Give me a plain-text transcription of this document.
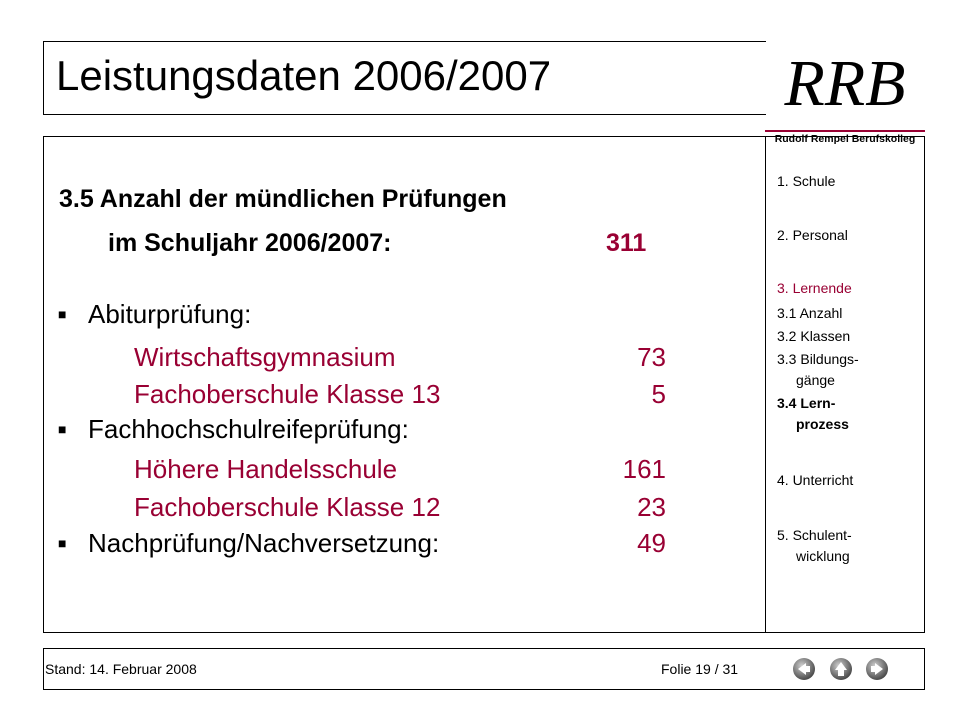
Leistungsdaten 2006/2007	RRB
Rudolf Rempel Berufskolleg
3.5 Anzahl der mündlichen Prüfungen
im Schuljahr 2006/2007:	311
■ Abiturprüfung:
Wirtschaftsgymnasium	73
Fachoberschule Klasse 13	5
■ Fachhochschulreifeprüfung:
Höhere Handelsschule	161
Fachoberschule Klasse 12	23
■ Nachprüfung/Nachversetzung:	49
1. Schule
2. Personal
3. Lernende
3.1 Anzahl
3.2 Klassen
3.3 Bildungs-
gänge
3.4 Lern-
prozess
4. Unterricht
5. Schulent-
wicklung
Stand: 14. Februar 2008	Folie 19 / 31
